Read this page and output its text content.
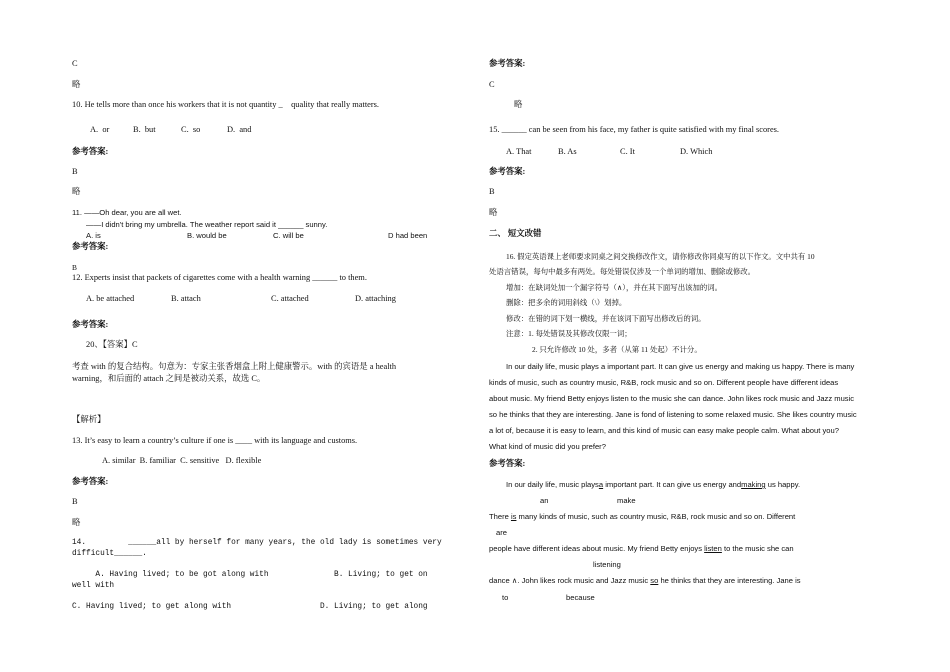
C
略
10. He tells more than once his workers that it is not quantity _    quality that really matters.
A.  or	B.  but	C.  so	D.  and
参考答案:
B
略
11. ——Oh dear, you are all wet.
——I didn't bring my umbrella. The weather report said it ______ sunny.
A. is	B. would be	C. will be	D had been
参考答案:
B
12. Experts insist that packets of cigarettes come with a health warning ______ to them.
A. be attached	B. attach	C. attached	D. attaching
参考答案:
20、【答案】C
考查 with 的复合结构。句意为：专家主张香烟盒上附上健康警示。with 的宾语是 a health
warning，和后面的 attach 之间是被动关系，故选 C。
【解析】
13. It’s easy to learn a country’s culture if one is ____ with its language and customs.
A. similar  B. familiar  C. sensitive   D. flexible
参考答案:
B
略
14.         ______all by herself for many years, the old lady is sometimes very
difficult______.
A. Having lived; to be got along with              B. Living; to get on
well with
C. Having lived; to get along with                   D. Living; to get along
参考答案:
C
略
15. ______ can be seen from his face, my father is quite satisfied with my final scores.
A. That	B. As	C. It	D. Which
参考答案:
B
略
二、 短文改错
16. 假定英语课上老师要求同桌之间交换修改作文，请你修改你同桌写的以下作文。文中共有 10
处语言错误，每句中最多有两处。每处错误仅涉及一个单词的增加、删除或修改。
增加：在缺词处加一个漏字符号（∧），并在其下面写出该加的词。
删除：把多余的词用斜线（\）划掉。
修改：在错的词下划一横线，并在该词下面写出修改后的词。
注意：1. 每处错误及其修改仅限一词；
2. 只允许修改 10 处，多者（从第 11 处起）不计分。
In our daily life, music plays a important part. It can give us energy and making us happy. There is many
kinds of music, such as country music, R&B, rock music and so on. Different people have different ideas
about music. My friend Betty enjoys listen to the music she can dance. John likes rock music and Jazz music
so he thinks that they are interesting. Jane is fond of listening to some relaxed music. She likes country music
a lot of, because it is easy to learn, and this kind of music can easy make people calm. What about you?
What kind of music did you prefer?
参考答案:
In our daily life, music playsa important part. It can give us energy andmaking us happy.
an	make
There is many kinds of music, such as country music, R&B, rock music and so on. Different
are
people have different ideas about music. My friend Betty enjoys listen to the music she can
listening
dance ∧. John likes rock music and Jazz music so he thinks that they are interesting. Jane is
to	because
